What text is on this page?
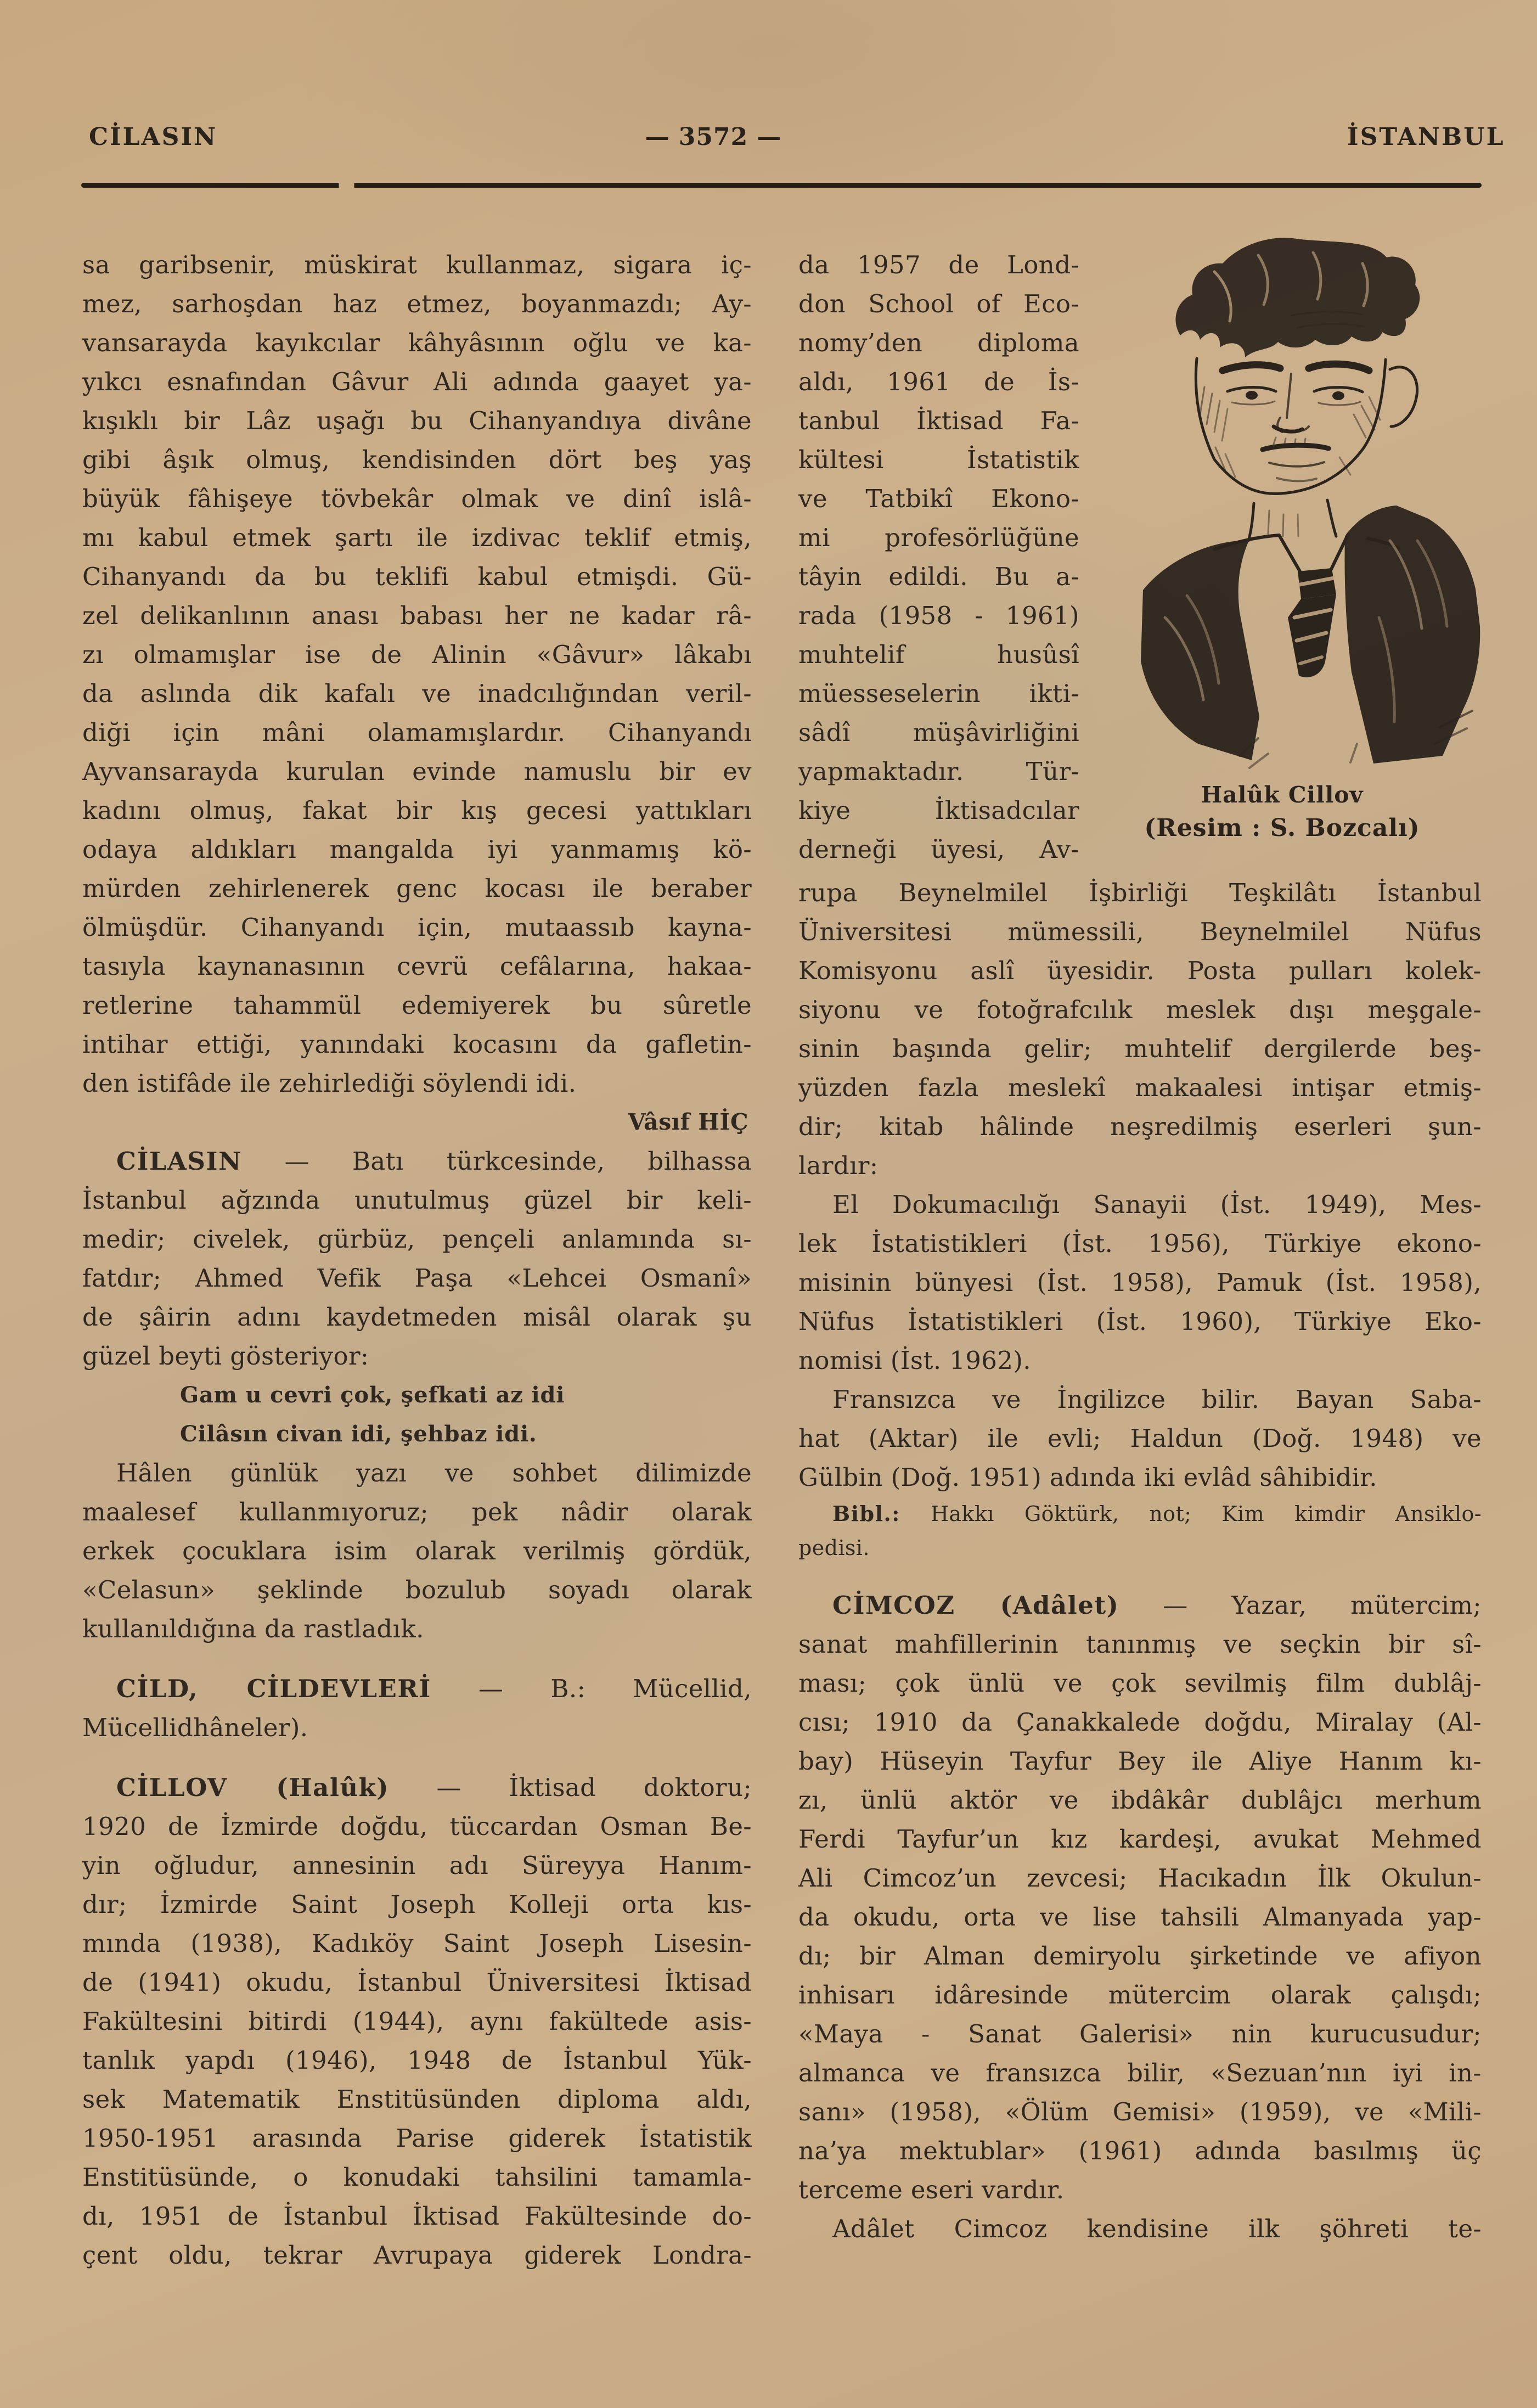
CİLASIN	— 3572 —	İSTANBUL
sa garibsenir, müskirat kullanmaz, sigara iç-
mez, sarhoşdan haz etmez, boyanmazdı; Ay-
vansarayda kayıkcılar kâhyâsının oğlu ve ka-
yıkcı esnafından Gâvur Ali adında gaayet ya-
kışıklı bir Lâz uşağı bu Cihanyandıya divâne
gibi âşık olmuş, kendisinden dört beş yaş
büyük fâhişeye tövbekâr olmak ve dinî islâ-
mı kabul etmek şartı ile izdivac teklif etmiş,
Cihanyandı da bu teklifi kabul etmişdi. Gü-
zel delikanlının anası babası her ne kadar râ-
zı olmamışlar ise de Alinin «Gâvur» lâkabı
da aslında dik kafalı ve inadcılığından veril-
diği için mâni olamamışlardır. Cihanyandı
Ayvansarayda kurulan evinde namuslu bir ev
kadını olmuş, fakat bir kış gecesi yattıkları
odaya aldıkları mangalda iyi yanmamış kö-
mürden zehirlenerek genc kocası ile beraber
ölmüşdür. Cihanyandı için, mutaassıb kayna-
tasıyla kaynanasının cevrü cefâlarına, hakaa-
retlerine tahammül edemiyerek bu sûretle
intihar ettiği, yanındaki kocasını da gafletin-
den istifâde ile zehirlediği söylendi idi.
Vâsıf HİÇ
CİLASIN — Batı türkcesinde, bilhassa
İstanbul ağzında unutulmuş güzel bir keli-
medir; civelek, gürbüz, pençeli anlamında sı-
fatdır; Ahmed Vefik Paşa «Lehcei Osmanî»
de şâirin adını kaydetmeden misâl olarak şu
güzel beyti gösteriyor:
Gam u cevri çok, şefkati az idi
Cilâsın civan idi, şehbaz idi.
Hâlen günlük yazı ve sohbet dilimizde
maalesef kullanmıyoruz; pek nâdir olarak
erkek çocuklara isim olarak verilmiş gördük,
«Celasun» şeklinde bozulub soyadı olarak
kullanıldığına da rastladık.
CİLD, CİLDEVLERİ — B.: Mücellid,
Mücellidhâneler).
CİLLOV (Halûk) — İktisad doktoru;
1920 de İzmirde doğdu, tüccardan Osman Be-
yin oğludur, annesinin adı Süreyya Hanım-
dır; İzmirde Saint Joseph Kolleji orta kıs-
mında (1938), Kadıköy Saint Joseph Lisesin-
de (1941) okudu, İstanbul Üniversitesi İktisad
Fakültesini bitirdi (1944), aynı fakültede asis-
tanlık yapdı (1946), 1948 de İstanbul Yük-
sek Matematik Enstitüsünden diploma aldı,
1950-1951 arasında Parise giderek İstatistik
Enstitüsünde, o konudaki tahsilini tamamla-
dı, 1951 de İstanbul İktisad Fakültesinde do-
çent oldu, tekrar Avrupaya giderek Londra-
da 1957 de Lond-
don School of Eco-
nomy’den diploma
aldı, 1961 de İs-
tanbul İktisad Fa-
kültesi İstatistik
ve Tatbikî Ekono-
mi profesörlüğüne
tâyin edildi. Bu a-
rada (1958 - 1961)
muhtelif husûsî
müesseselerin ikti-
sâdî müşâvirliğini
yapmaktadır. Tür-
kiye İktisadcılar
derneği üyesi, Av-
Halûk Cillov
(Resim : S. Bozcalı)
rupa Beynelmilel İşbirliği Teşkilâtı İstanbul
Üniversitesi mümessili, Beynelmilel Nüfus
Komisyonu aslî üyesidir. Posta pulları kolek-
siyonu ve fotoğrafcılık meslek dışı meşgale-
sinin başında gelir; muhtelif dergilerde beş-
yüzden fazla meslekî makaalesi intişar etmiş-
dir; kitab hâlinde neşredilmiş eserleri şun-
lardır:
El Dokumacılığı Sanayii (İst. 1949), Mes-
lek İstatistikleri (İst. 1956), Türkiye ekono-
misinin bünyesi (İst. 1958), Pamuk (İst. 1958),
Nüfus İstatistikleri (İst. 1960), Türkiye Eko-
nomisi (İst. 1962).
Fransızca ve İngilizce bilir. Bayan Saba-
hat (Aktar) ile evli; Haldun (Doğ. 1948) ve
Gülbin (Doğ. 1951) adında iki evlâd sâhibidir.
Bibl.: Hakkı Göktürk, not; Kim kimdir Ansiklo-
pedisi.
CİMCOZ (Adâlet) — Yazar, mütercim;
sanat mahfillerinin tanınmış ve seçkin bir sî-
ması; çok ünlü ve çok sevilmiş film dublâj-
cısı; 1910 da Çanakkalede doğdu, Miralay (Al-
bay) Hüseyin Tayfur Bey ile Aliye Hanım kı-
zı, ünlü aktör ve ibdâkâr dublâjcı merhum
Ferdi Tayfur’un kız kardeşi, avukat Mehmed
Ali Cimcoz’un zevcesi; Hacıkadın İlk Okulun-
da okudu, orta ve lise tahsili Almanyada yap-
dı; bir Alman demiryolu şirketinde ve afiyon
inhisarı idâresinde mütercim olarak çalışdı;
«Maya - Sanat Galerisi» nin kurucusudur;
almanca ve fransızca bilir, «Sezuan’nın iyi in-
sanı» (1958), «Ölüm Gemisi» (1959), ve «Mili-
na’ya mektublar» (1961) adında basılmış üç
terceme eseri vardır.
Adâlet Cimcoz kendisine ilk şöhreti te-
